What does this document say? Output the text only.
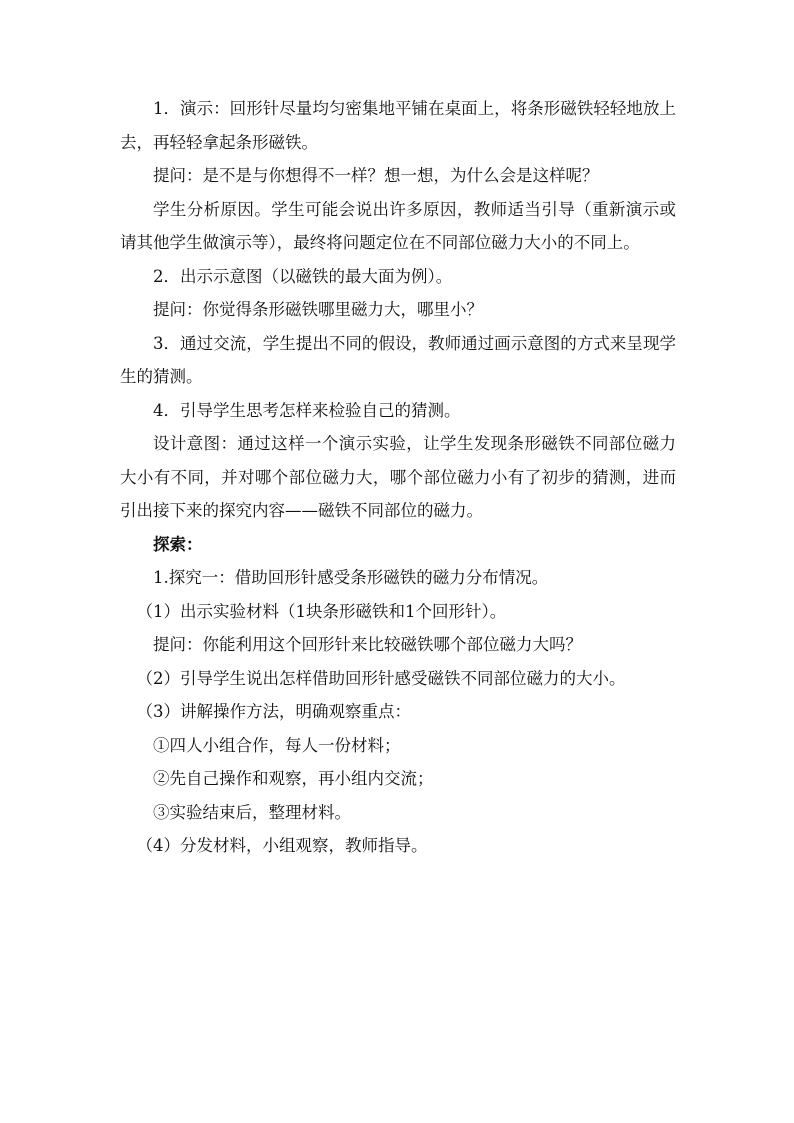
1．演示：回形针尽量均匀密集地平铺在桌面上，将条形磁铁轻轻地放上去，再轻轻拿起条形磁铁。

提问：是不是与你想得不一样？想一想，为什么会是这样呢？

学生分析原因。学生可能会说出许多原因，教师适当引导（重新演示或请其他学生做演示等），最终将问题定位在不同部位磁力大小的不同上。

2．出示示意图（以磁铁的最大面为例）。

提问：你觉得条形磁铁哪里磁力大，哪里小？

3．通过交流，学生提出不同的假设，教师通过画示意图的方式来呈现学生的猜测。

4．引导学生思考怎样来检验自己的猜测。

设计意图：通过这样一个演示实验，让学生发现条形磁铁不同部位磁力大小有不同，并对哪个部位磁力大，哪个部位磁力小有了初步的猜测，进而引出接下来的探究内容——磁铁不同部位的磁力。

探索：

1.探究一：借助回形针感受条形磁铁的磁力分布情况。

（1）出示实验材料（1块条形磁铁和1个回形针）。

提问：你能利用这个回形针来比较磁铁哪个部位磁力大吗？

（2）引导学生说出怎样借助回形针感受磁铁不同部位磁力的大小。

（3）讲解操作方法，明确观察重点：

①四人小组合作，每人一份材料；

②先自己操作和观察，再小组内交流；

③实验结束后，整理材料。

（4）分发材料，小组观察，教师指导。
